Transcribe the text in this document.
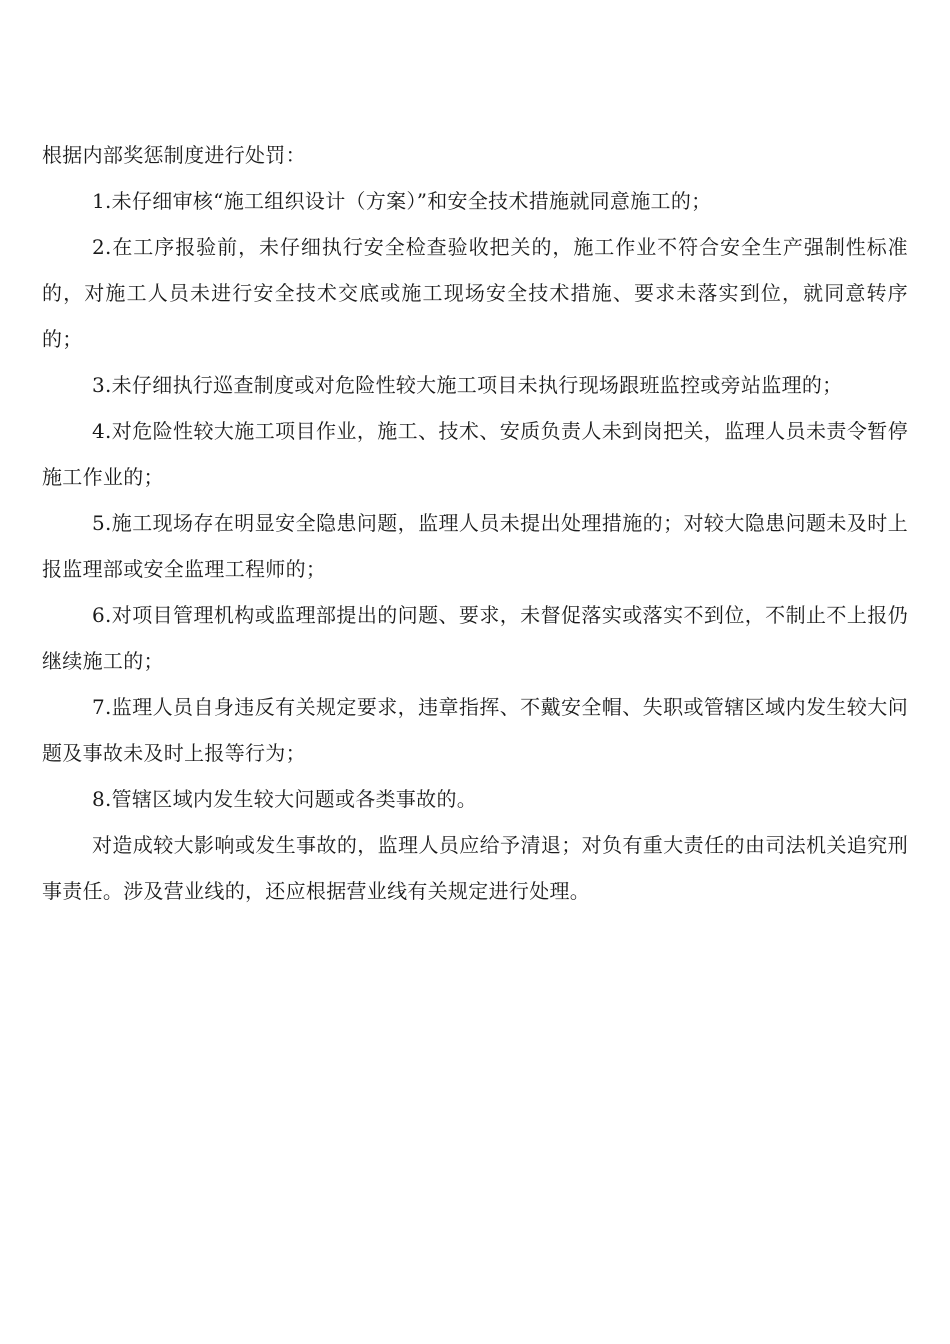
根据内部奖惩制度进行处罚：

1.未仔细审核“施工组织设计（方案）”和安全技术措施就同意施工的；

2.在工序报验前，未仔细执行安全检查验收把关的，施工作业不符合安全生产强制性标准的，对施工人员未进行安全技术交底或施工现场安全技术措施、要求未落实到位，就同意转序的；

3.未仔细执行巡查制度或对危险性较大施工项目未执行现场跟班监控或旁站监理的；

4.对危险性较大施工项目作业，施工、技术、安质负责人未到岗把关，监理人员未责令暂停施工作业的；

5.施工现场存在明显安全隐患问题，监理人员未提出处理措施的；对较大隐患问题未及时上报监理部或安全监理工程师的；

6.对项目管理机构或监理部提出的问题、要求，未督促落实或落实不到位，不制止不上报仍继续施工的；

7.监理人员自身违反有关规定要求，违章指挥、不戴安全帽、失职或管辖区域内发生较大问题及事故未及时上报等行为；

8.管辖区域内发生较大问题或各类事故的。

对造成较大影响或发生事故的，监理人员应给予清退；对负有重大责任的由司法机关追究刑事责任。涉及营业线的，还应根据营业线有关规定进行处理。
